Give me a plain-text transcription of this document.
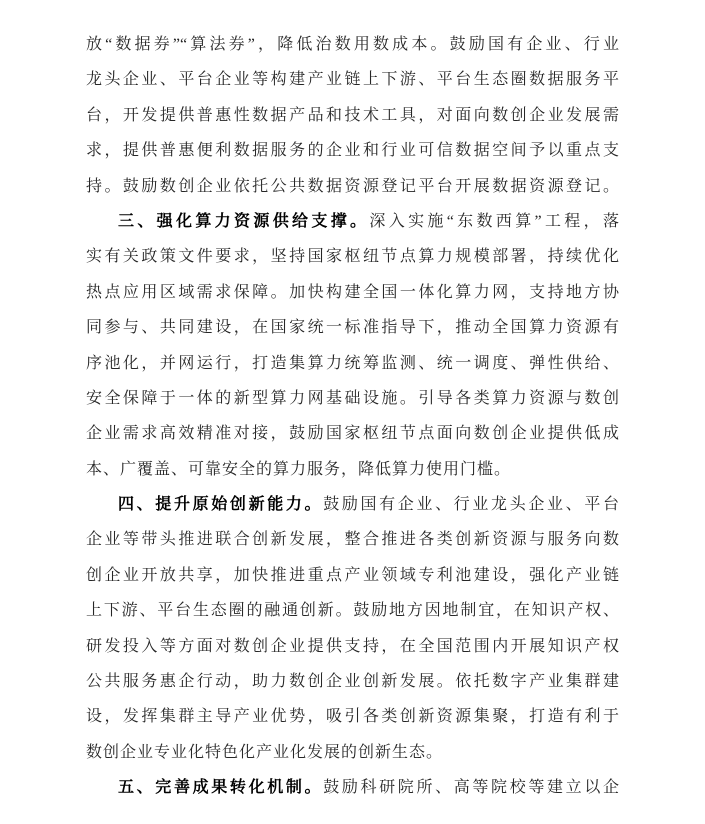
放“数据券”“算法券”，降低治数用数成本。鼓励国有企业、行业
龙头企业、平台企业等构建产业链上下游、平台生态圈数据服务平
台，开发提供普惠性数据产品和技术工具，对面向数创企业发展需
求，提供普惠便利数据服务的企业和行业可信数据空间予以重点支
持。鼓励数创企业依托公共数据资源登记平台开展数据资源登记。
三、强化算力资源供给支撑。深入实施“东数西算”工程，落
实有关政策文件要求，坚持国家枢纽节点算力规模部署，持续优化
热点应用区域需求保障。加快构建全国一体化算力网，支持地方协
同参与、共同建设，在国家统一标准指导下，推动全国算力资源有
序池化，并网运行，打造集算力统筹监测、统一调度、弹性供给、
安全保障于一体的新型算力网基础设施。引导各类算力资源与数创
企业需求高效精准对接，鼓励国家枢纽节点面向数创企业提供低成
本、广覆盖、可靠安全的算力服务，降低算力使用门槛。
四、提升原始创新能力。鼓励国有企业、行业龙头企业、平台
企业等带头推进联合创新发展，整合推进各类创新资源与服务向数
创企业开放共享，加快推进重点产业领域专利池建设，强化产业链
上下游、平台生态圈的融通创新。鼓励地方因地制宜，在知识产权、
研发投入等方面对数创企业提供支持，在全国范围内开展知识产权
公共服务惠企行动，助力数创企业创新发展。依托数字产业集群建
设，发挥集群主导产业优势，吸引各类创新资源集聚，打造有利于
数创企业专业化特色化产业化发展的创新生态。
五、完善成果转化机制。鼓励科研院所、高等院校等建立以企
